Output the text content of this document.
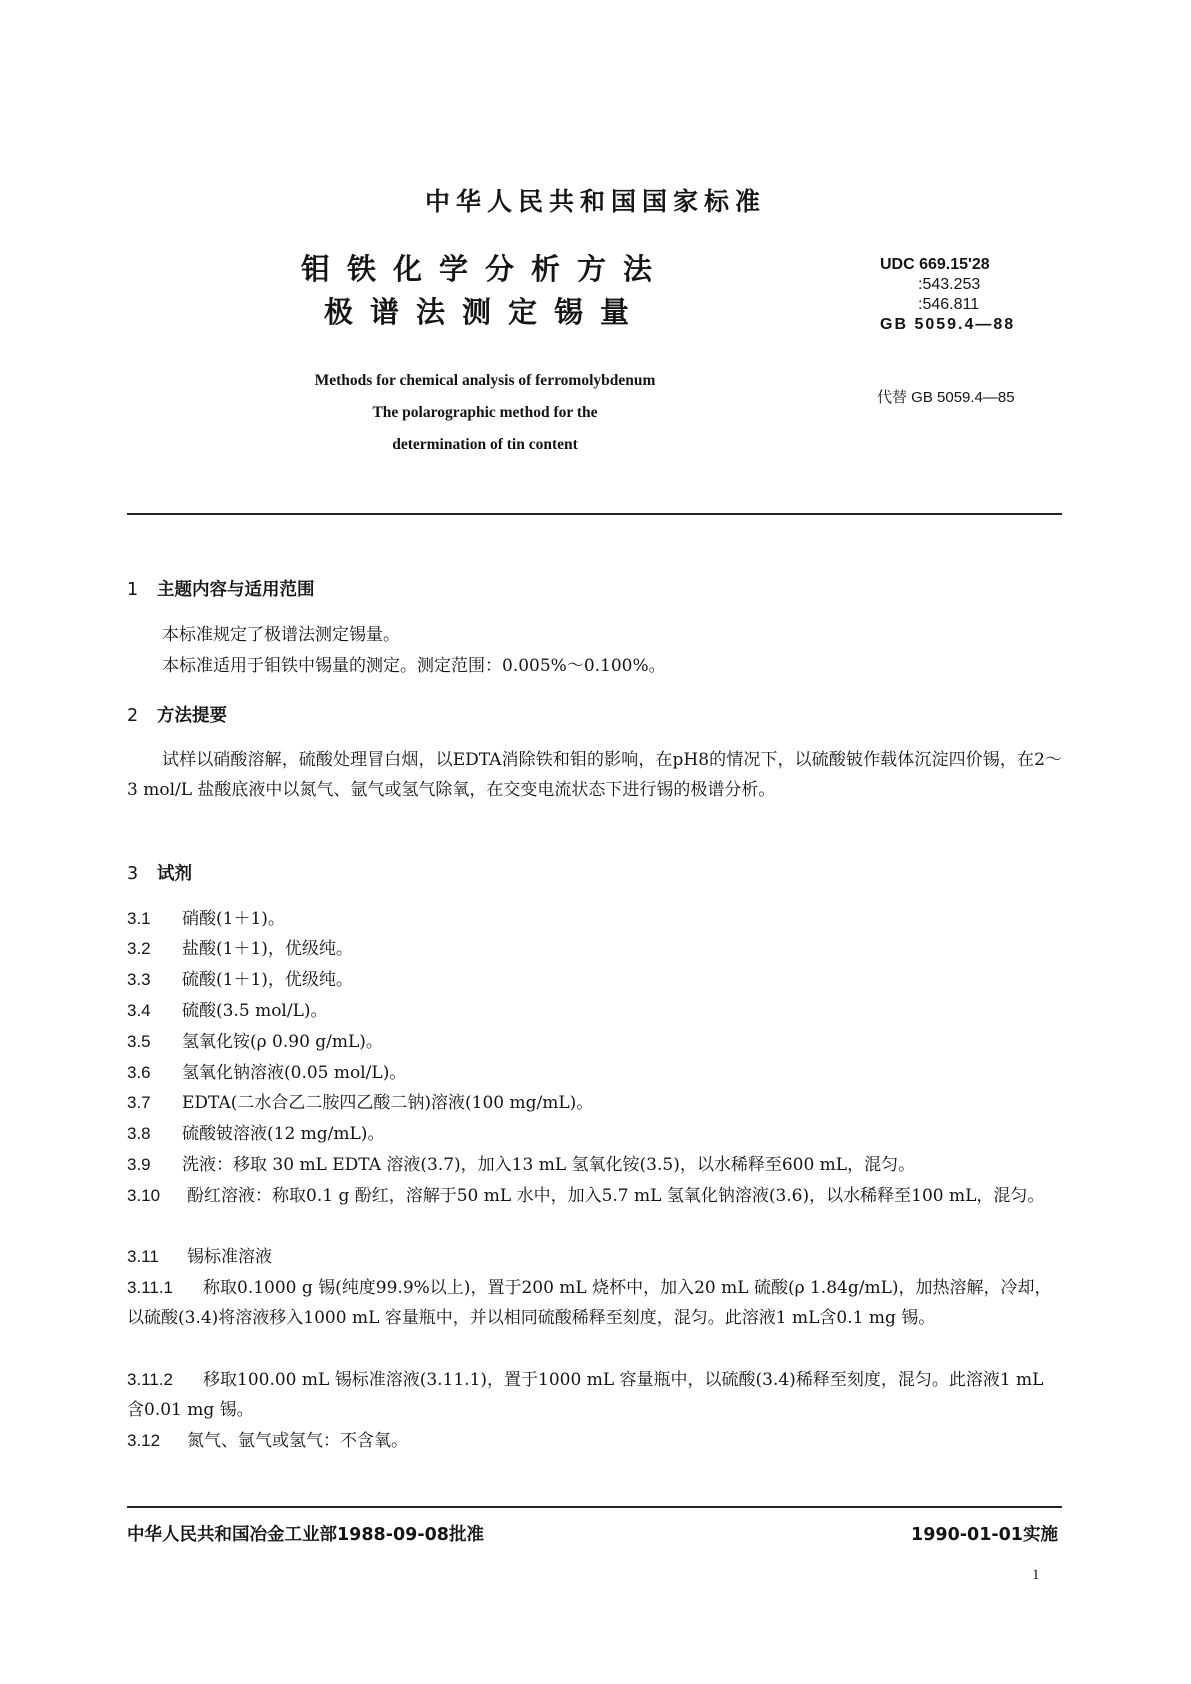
中华人民共和国国家标准
钼铁化学分析方法
极谱法测定锡量
Methods for chemical analysis of ferromolybdenum
The polarographic method for the
determination of tin content
UDC 669.15'28
:543.253
:546.811
GB 5059.4—88
代替 GB 5059.4—85
1 主题内容与适用范围
本标准规定了极谱法测定锡量。
本标准适用于钼铁中锡量的测定。测定范围：0.005%～0.100%。
2 方法提要
试样以硝酸溶解，硫酸处理冒白烟，以EDTA消除铁和钼的影响，在pH8的情况下，以硫酸铍作载体沉淀四价锡，在2～3 mol/L 盐酸底液中以氮气、氩气或氢气除氧，在交变电流状态下进行锡的极谱分析。
3 试剂
3.1 硝酸(1＋1)。
3.2 盐酸(1＋1)，优级纯。
3.3 硫酸(1＋1)，优级纯。
3.4 硫酸(3.5 mol/L)。
3.5 氢氧化铵(ρ 0.90 g/mL)。
3.6 氢氧化钠溶液(0.05 mol/L)。
3.7 EDTA(二水合乙二胺四乙酸二钠)溶液(100 mg/mL)。
3.8 硫酸铍溶液(12 mg/mL)。
3.9 洗液：移取 30 mL EDTA 溶液(3.7)，加入13 mL 氢氧化铵(3.5)，以水稀释至600 mL，混匀。
3.10 酚红溶液：称取0.1 g 酚红，溶解于50 mL 水中，加入5.7 mL 氢氧化钠溶液(3.6)，以水稀释至100 mL，混匀。
3.11 锡标准溶液
3.11.1 称取0.1000 g 锡(纯度99.9%以上)，置于200 mL 烧杯中，加入20 mL 硫酸(ρ 1.84g/mL)，加热溶解，冷却，以硫酸(3.4)将溶液移入1000 mL 容量瓶中，并以相同硫酸稀释至刻度，混匀。此溶液1 mL含0.1 mg 锡。
3.11.2 移取100.00 mL 锡标准溶液(3.11.1)，置于1000 mL 容量瓶中，以硫酸(3.4)稀释至刻度，混匀。此溶液1 mL 含0.01 mg 锡。
3.12 氮气、氩气或氢气：不含氧。
中华人民共和国冶金工业部1988-09-08批准	1990-01-01实施
1
